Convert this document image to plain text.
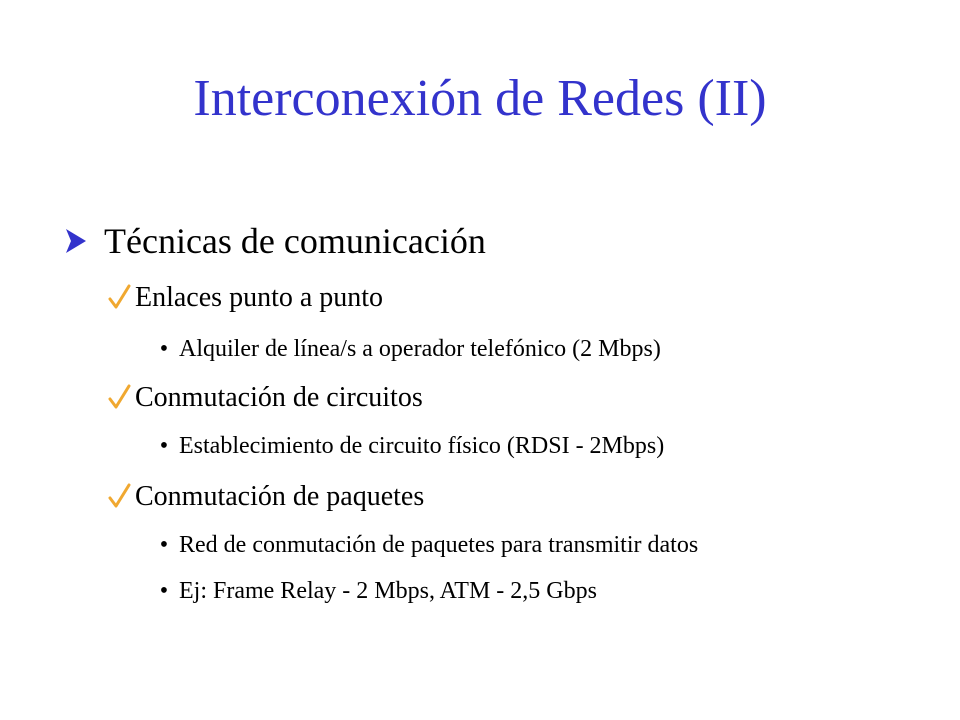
Interconexión de Redes (II)
Técnicas de comunicación
Enlaces punto a punto
• Alquiler de línea/s a operador telefónico (2 Mbps)
Conmutación de circuitos
• Establecimiento de circuito físico (RDSI - 2Mbps)
Conmutación de paquetes
• Red de conmutación de paquetes para transmitir datos
• Ej: Frame Relay - 2 Mbps, ATM - 2,5 Gbps
